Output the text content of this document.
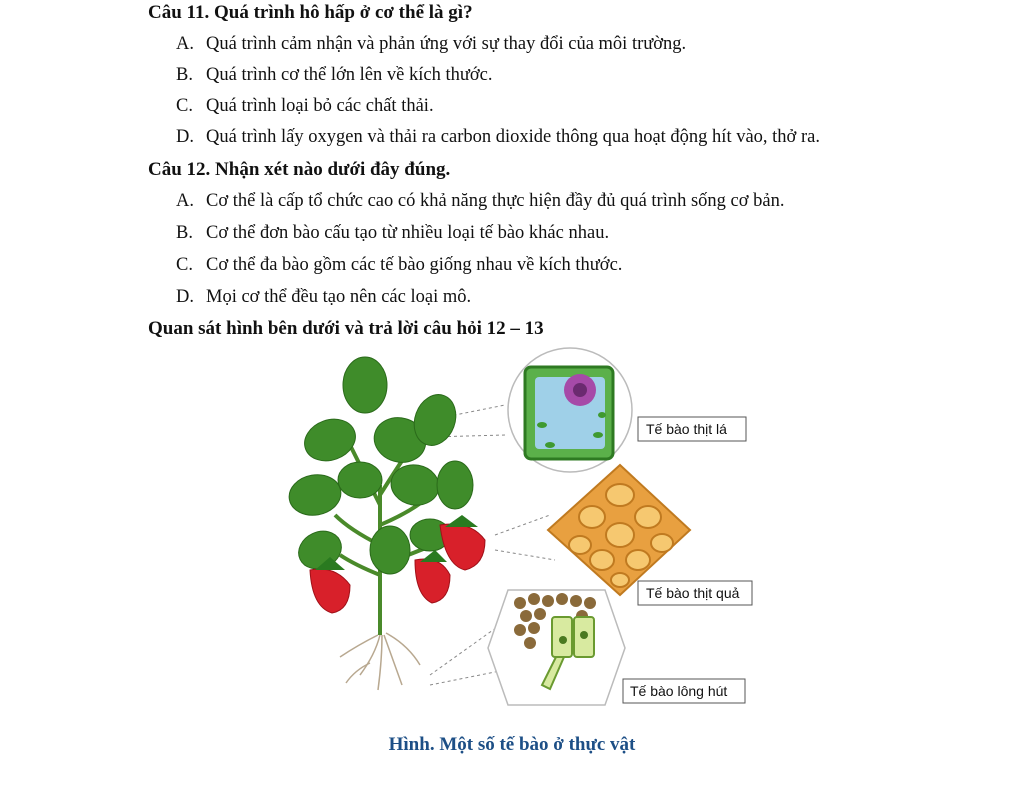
Câu 11. Quá trình hô hấp ở cơ thể là gì?
A. Quá trình cảm nhận và phản ứng với sự thay đổi của môi trường.
B. Quá trình cơ thể lớn lên về kích thước.
C. Quá trình loại bỏ các chất thải.
D. Quá trình lấy oxygen và thải ra carbon dioxide thông qua hoạt động hít vào, thở ra.
Câu 12. Nhận xét nào dưới đây đúng.
A. Cơ thể là cấp tổ chức cao có khả năng thực hiện đầy đủ quá trình sống cơ bản.
B. Cơ thể đơn bào cấu tạo từ nhiều loại tế bào khác nhau.
C. Cơ thể đa bào gồm các tế bào giống nhau về kích thước.
D. Mọi cơ thể đều tạo nên các loại mô.
Quan sát hình bên dưới và trả lời câu hỏi 12 – 13
Tế bào thịt lá
Tế bào thịt quả
Tế bào lông hút
Hình. Một số tế bào ở thực vật
